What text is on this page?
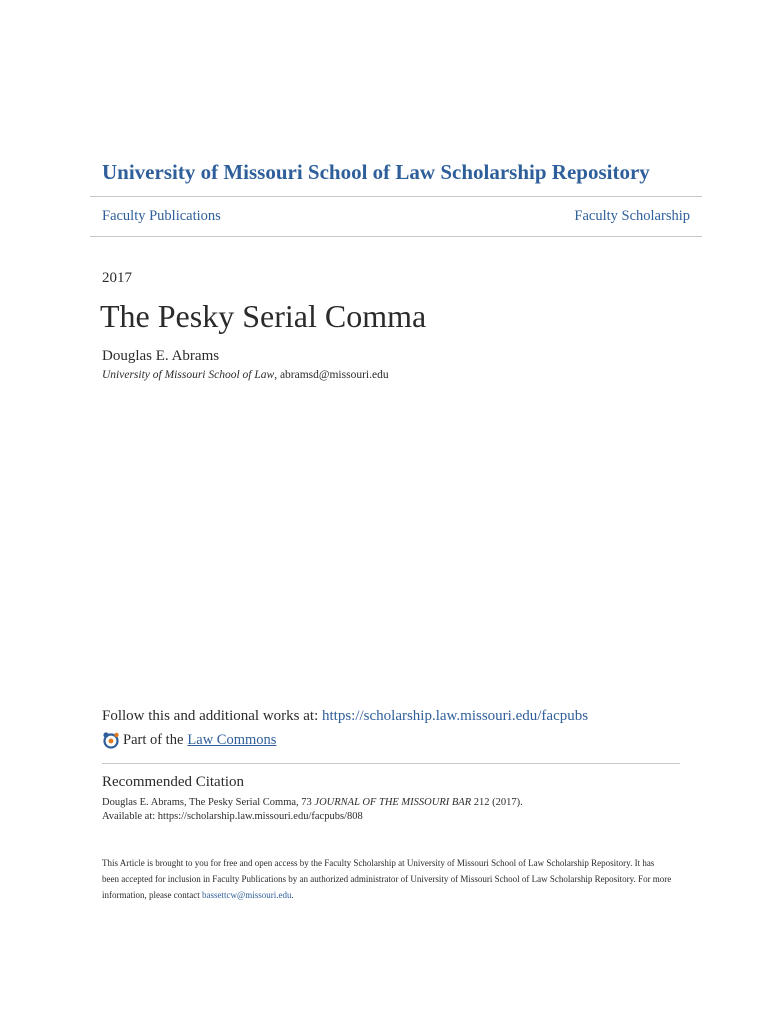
University of Missouri School of Law Scholarship Repository
Faculty Publications	Faculty Scholarship
2017
The Pesky Serial Comma
Douglas E. Abrams
University of Missouri School of Law, abramsd@missouri.edu
Follow this and additional works at: https://scholarship.law.missouri.edu/facpubs
Part of the Law Commons
Recommended Citation
Douglas E. Abrams, The Pesky Serial Comma, 73 JOURNAL OF THE MISSOURI BAR 212 (2017).
Available at: https://scholarship.law.missouri.edu/facpubs/808
This Article is brought to you for free and open access by the Faculty Scholarship at University of Missouri School of Law Scholarship Repository. It has been accepted for inclusion in Faculty Publications by an authorized administrator of University of Missouri School of Law Scholarship Repository. For more information, please contact bassettcw@missouri.edu.
